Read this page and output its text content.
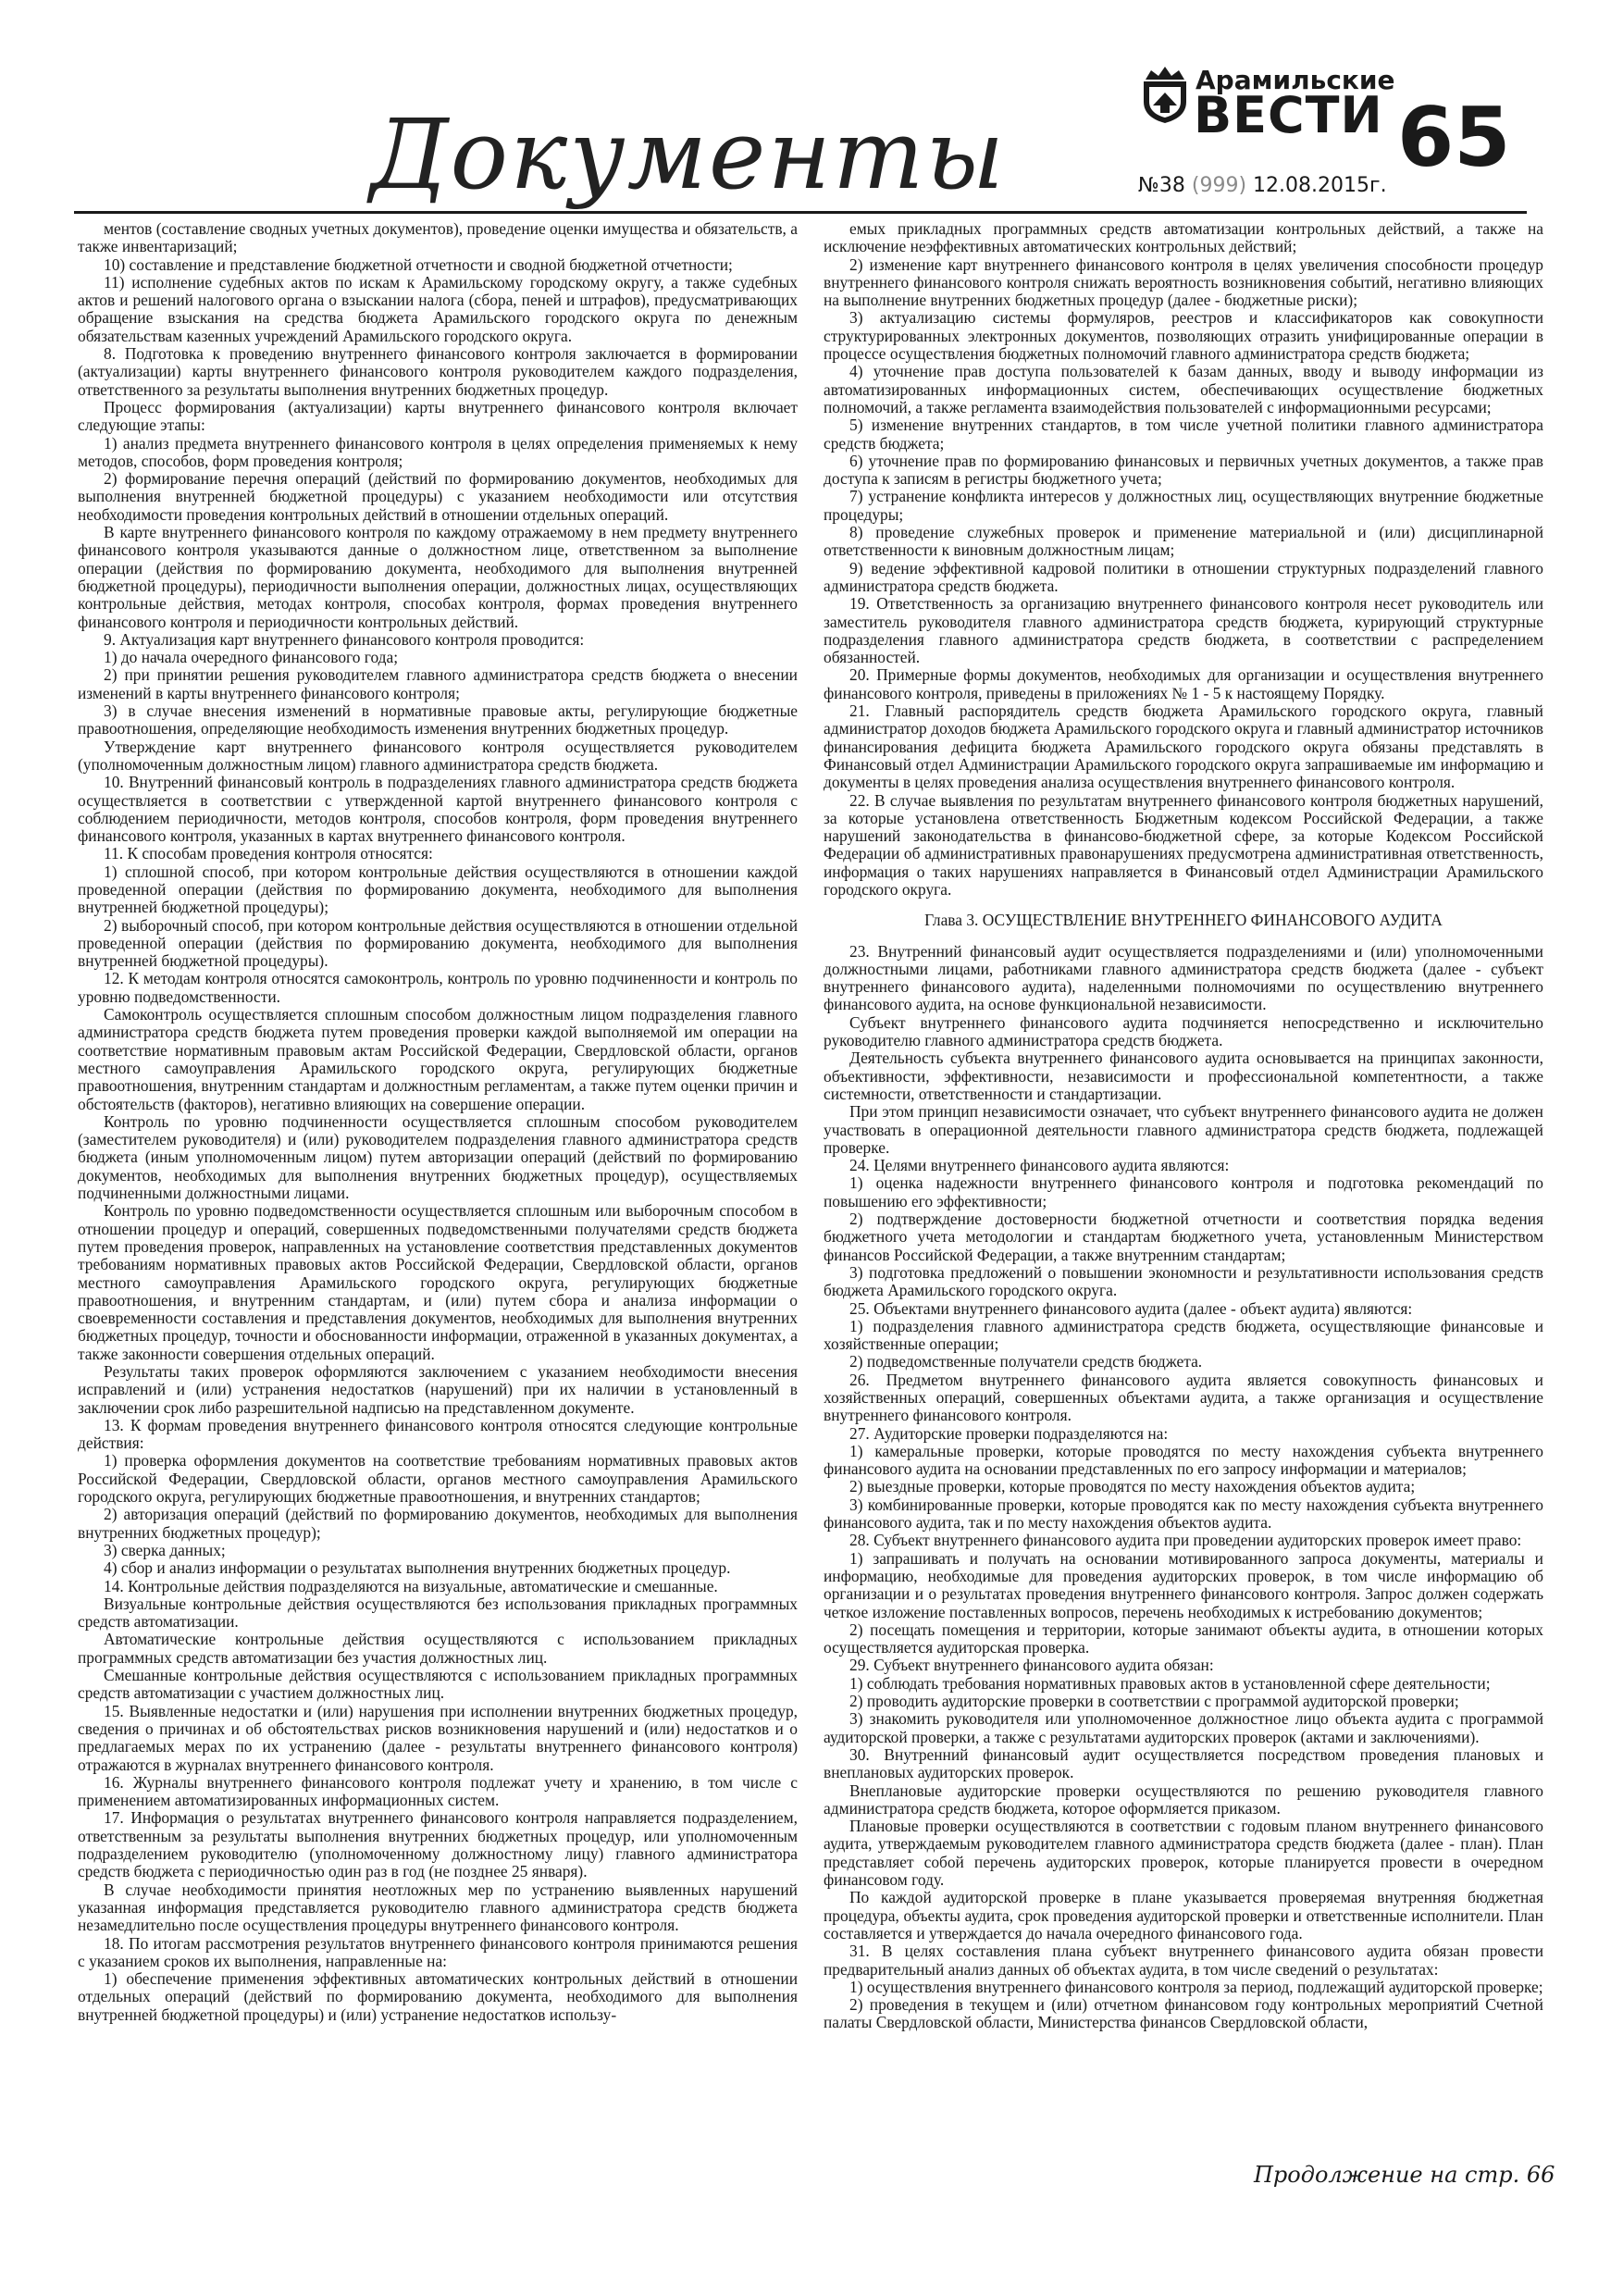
Документы
Арамильские
ВЕСТИ
№38 (999) 12.08.2015г.
65

ментов (составление сводных учетных документов), проведение оценки имущества и обязательств, а также инвентаризаций;

10) составление и представление бюджетной отчетности и сводной бюджетной отчетности;

11) исполнение судебных актов по искам к Арамильскому городскому округу, а также судебных актов и решений налогового органа о взыскании налога (сбора, пеней и штрафов), предусматривающих обращение взыскания на средства бюджета Арамильского городского округа по денежным обязательствам казенных учреждений Арамильского городского округа.

8. Подготовка к проведению внутреннего финансового контроля заключается в формировании (актуализации) карты внутреннего финансового контроля руководителем каждого подразделения, ответственного за результаты выполнения внутренних бюджетных процедур.

Процесс формирования (актуализации) карты внутреннего финансового контроля включает следующие этапы:

1) анализ предмета внутреннего финансового контроля в целях определения применяемых к нему методов, способов, форм проведения контроля;

2) формирование перечня операций (действий по формированию документов, необходимых для выполнения внутренней бюджетной процедуры) с указанием необходимости или отсутствия необходимости проведения контрольных действий в отношении отдельных операций.

В карте внутреннего финансового контроля по каждому отражаемому в нем предмету внутреннего финансового контроля указываются данные о должностном лице, ответственном за выполнение операции (действия по формированию документа, необходимого для выполнения внутренней бюджетной процедуры), периодичности выполнения операции, должностных лицах, осуществляющих контрольные действия, методах контроля, способах контроля, формах проведения внутреннего финансового контроля и периодичности контрольных действий.

9. Актуализация карт внутреннего финансового контроля проводится:

1) до начала очередного финансового года;

2) при принятии решения руководителем главного администратора средств бюджета о внесении изменений в карты внутреннего финансового контроля;

3) в случае внесения изменений в нормативные правовые акты, регулирующие бюджетные правоотношения, определяющие необходимость изменения внутренних бюджетных процедур.

Утверждение карт внутреннего финансового контроля осуществляется руководителем (уполномоченным должностным лицом) главного администратора средств бюджета.

10. Внутренний финансовый контроль в подразделениях главного администратора средств бюджета осуществляется в соответствии с утвержденной картой внутреннего финансового контроля с соблюдением периодичности, методов контроля, способов контроля, форм проведения внутреннего финансового контроля, указанных в картах внутреннего финансового контроля.

11. К способам проведения контроля относятся:

1) сплошной способ, при котором контрольные действия осуществляются в отношении каждой проведенной операции (действия по формированию документа, необходимого для выполнения внутренней бюджетной процедуры);

2) выборочный способ, при котором контрольные действия осуществляются в отношении отдельной проведенной операции (действия по формированию документа, необходимого для выполнения внутренней бюджетной процедуры).

12. К методам контроля относятся самоконтроль, контроль по уровню подчиненности и контроль по уровню подведомственности.

Самоконтроль осуществляется сплошным способом должностным лицом подразделения главного администратора средств бюджета путем проведения проверки каждой выполняемой им операции на соответствие нормативным правовым актам Российской Федерации, Свердловской области, органов местного самоуправления Арамильского городского округа, регулирующих бюджетные правоотношения, внутренним стандартам и должностным регламентам, а также путем оценки причин и обстоятельств (факторов), негативно влияющих на совершение операции.

Контроль по уровню подчиненности осуществляется сплошным способом руководителем (заместителем руководителя) и (или) руководителем подразделения главного администратора средств бюджета (иным уполномоченным лицом) путем авторизации операций (действий по формированию документов, необходимых для выполнения внутренних бюджетных процедур), осуществляемых подчиненными должностными лицами.

Контроль по уровню подведомственности осуществляется сплошным или выборочным способом в отношении процедур и операций, совершенных подведомственными получателями средств бюджета путем проведения проверок, направленных на установление соответствия представленных документов требованиям нормативных правовых актов Российской Федерации, Свердловской области, органов местного самоуправления Арамильского городского округа, регулирующих бюджетные правоотношения, и внутренним стандартам, и (или) путем сбора и анализа информации о своевременности составления и представления документов, необходимых для выполнения внутренних бюджетных процедур, точности и обоснованности информации, отраженной в указанных документах, а также законности совершения отдельных операций.

Результаты таких проверок оформляются заключением с указанием необходимости внесения исправлений и (или) устранения недостатков (нарушений) при их наличии в установленный в заключении срок либо разрешительной надписью на представленном документе.

13. К формам проведения внутреннего финансового контроля относятся следующие контрольные действия:

1) проверка оформления документов на соответствие требованиям нормативных правовых актов Российской Федерации, Свердловской области, органов местного самоуправления Арамильского городского округа, регулирующих бюджетные правоотношения, и внутренних стандартов;

2) авторизация операций (действий по формированию документов, необходимых для выполнения внутренних бюджетных процедур);

3) сверка данных;

4) сбор и анализ информации о результатах выполнения внутренних бюджетных процедур.

14. Контрольные действия подразделяются на визуальные, автоматические и смешанные.

Визуальные контрольные действия осуществляются без использования прикладных программных средств автоматизации.

Автоматические контрольные действия осуществляются с использованием прикладных программных средств автоматизации без участия должностных лиц.

Смешанные контрольные действия осуществляются с использованием прикладных программных средств автоматизации с участием должностных лиц.

15. Выявленные недостатки и (или) нарушения при исполнении внутренних бюджетных процедур, сведения о причинах и об обстоятельствах рисков возникновения нарушений и (или) недостатков и о предлагаемых мерах по их устранению (далее - результаты внутреннего финансового контроля) отражаются в журналах внутреннего финансового контроля.

16. Журналы внутреннего финансового контроля подлежат учету и хранению, в том числе с применением автоматизированных информационных систем.

17. Информация о результатах внутреннего финансового контроля направляется подразделением, ответственным за результаты выполнения внутренних бюджетных процедур, или уполномоченным подразделением руководителю (уполномоченному должностному лицу) главного администратора средств бюджета с периодичностью один раз в год (не позднее 25 января).

В случае необходимости принятия неотложных мер по устранению выявленных нарушений указанная информация представляется руководителю главного администратора средств бюджета незамедлительно после осуществления процедуры внутреннего финансового контроля.

18. По итогам рассмотрения результатов внутреннего финансового контроля принимаются решения с указанием сроков их выполнения, направленные на:

1) обеспечение применения эффективных автоматических контрольных действий в отношении отдельных операций (действий по формированию документа, необходимого для выполнения внутренней бюджетной процедуры) и (или) устранение недостатков использу-

емых прикладных программных средств автоматизации контрольных действий, а также на исключение неэффективных автоматических контрольных действий;

2) изменение карт внутреннего финансового контроля в целях увеличения способности процедур внутреннего финансового контроля снижать вероятность возникновения событий, негативно влияющих на выполнение внутренних бюджетных процедур (далее - бюджетные риски);

3) актуализацию системы формуляров, реестров и классификаторов как совокупности структурированных электронных документов, позволяющих отразить унифицированные операции в процессе осуществления бюджетных полномочий главного администратора средств бюджета;

4) уточнение прав доступа пользователей к базам данных, вводу и выводу информации из автоматизированных информационных систем, обеспечивающих осуществление бюджетных полномочий, а также регламента взаимодействия пользователей с информационными ресурсами;

5) изменение внутренних стандартов, в том числе учетной политики главного администратора средств бюджета;

6) уточнение прав по формированию финансовых и первичных учетных документов, а также прав доступа к записям в регистры бюджетного учета;

7) устранение конфликта интересов у должностных лиц, осуществляющих внутренние бюджетные процедуры;

8) проведение служебных проверок и применение материальной и (или) дисциплинарной ответственности к виновным должностным лицам;

9) ведение эффективной кадровой политики в отношении структурных подразделений главного администратора средств бюджета.

19. Ответственность за организацию внутреннего финансового контроля несет руководитель или заместитель руководителя главного администратора средств бюджета, курирующий структурные подразделения главного администратора средств бюджета, в соответствии с распределением обязанностей.

20. Примерные формы документов, необходимых для организации и осуществления внутреннего финансового контроля, приведены в приложениях № 1 - 5 к настоящему Порядку.

21. Главный распорядитель средств бюджета Арамильского городского округа, главный администратор доходов бюджета Арамильского городского округа и главный администратор источников финансирования дефицита бюджета Арамильского городского округа обязаны представлять в Финансовый отдел Администрации Арамильского городского округа запрашиваемые им информацию и документы в целях проведения анализа осуществления внутреннего финансового контроля.

22. В случае выявления по результатам внутреннего финансового контроля бюджетных нарушений, за которые установлена ответственность Бюджетным кодексом Российской Федерации, а также нарушений законодательства в финансово-бюджетной сфере, за которые Кодексом Российской Федерации об административных правонарушениях предусмотрена административная ответственность, информация о таких нарушениях направляется в Финансовый отдел Администрации Арамильского городского округа.

Глава 3. ОСУЩЕСТВЛЕНИЕ ВНУТРЕННЕГО ФИНАНСОВОГО АУДИТА

23. Внутренний финансовый аудит осуществляется подразделениями и (или) уполномоченными должностными лицами, работниками главного администратора средств бюджета (далее - субъект внутреннего финансового аудита), наделенными полномочиями по осуществлению внутреннего финансового аудита, на основе функциональной независимости.

Субъект внутреннего финансового аудита подчиняется непосредственно и исключительно руководителю главного администратора средств бюджета.

Деятельность субъекта внутреннего финансового аудита основывается на принципах законности, объективности, эффективности, независимости и профессиональной компетентности, а также системности, ответственности и стандартизации.

При этом принцип независимости означает, что субъект внутреннего финансового аудита не должен участвовать в операционной деятельности главного администратора средств бюджета, подлежащей проверке.

24. Целями внутреннего финансового аудита являются:

1) оценка надежности внутреннего финансового контроля и подготовка рекомендаций по повышению его эффективности;

2) подтверждение достоверности бюджетной отчетности и соответствия порядка ведения бюджетного учета методологии и стандартам бюджетного учета, установленным Министерством финансов Российской Федерации, а также внутренним стандартам;

3) подготовка предложений о повышении экономности и результативности использования средств бюджета Арамильского городского округа.

25. Объектами внутреннего финансового аудита (далее - объект аудита) являются:

1) подразделения главного администратора средств бюджета, осуществляющие финансовые и хозяйственные операции;

2) подведомственные получатели средств бюджета.

26. Предметом внутреннего финансового аудита является совокупность финансовых и хозяйственных операций, совершенных объектами аудита, а также организация и осуществление внутреннего финансового контроля.

27. Аудиторские проверки подразделяются на:

1) камеральные проверки, которые проводятся по месту нахождения субъекта внутреннего финансового аудита на основании представленных по его запросу информации и материалов;

2) выездные проверки, которые проводятся по месту нахождения объектов аудита;

3) комбинированные проверки, которые проводятся как по месту нахождения субъекта внутреннего финансового аудита, так и по месту нахождения объектов аудита.

28. Субъект внутреннего финансового аудита при проведении аудиторских проверок имеет право:

1) запрашивать и получать на основании мотивированного запроса документы, материалы и информацию, необходимые для проведения аудиторских проверок, в том числе информацию об организации и о результатах проведения внутреннего финансового контроля. Запрос должен содержать четкое изложение поставленных вопросов, перечень необходимых к истребованию документов;

2) посещать помещения и территории, которые занимают объекты аудита, в отношении которых осуществляется аудиторская проверка.

29. Субъект внутреннего финансового аудита обязан:

1) соблюдать требования нормативных правовых актов в установленной сфере деятельности;

2) проводить аудиторские проверки в соответствии с программой аудиторской проверки;

3) знакомить руководителя или уполномоченное должностное лицо объекта аудита с программой аудиторской проверки, а также с результатами аудиторских проверок (актами и заключениями).

30. Внутренний финансовый аудит осуществляется посредством проведения плановых и внеплановых аудиторских проверок.

Внеплановые аудиторские проверки осуществляются по решению руководителя главного администратора средств бюджета, которое оформляется приказом.

Плановые проверки осуществляются в соответствии с годовым планом внутреннего финансового аудита, утверждаемым руководителем главного администратора средств бюджета (далее - план). План представляет собой перечень аудиторских проверок, которые планируется провести в очередном финансовом году.

По каждой аудиторской проверке в плане указывается проверяемая внутренняя бюджетная процедура, объекты аудита, срок проведения аудиторской проверки и ответственные исполнители. План составляется и утверждается до начала очередного финансового года.

31. В целях составления плана субъект внутреннего финансового аудита обязан провести предварительный анализ данных об объектах аудита, в том числе сведений о результатах:

1) осуществления внутреннего финансового контроля за период, подлежащий аудиторской проверке;

2) проведения в текущем и (или) отчетном финансовом году контрольных мероприятий Счетной палаты Свердловской области, Министерства финансов Свердловской области,

Продолжение на стр. 66
